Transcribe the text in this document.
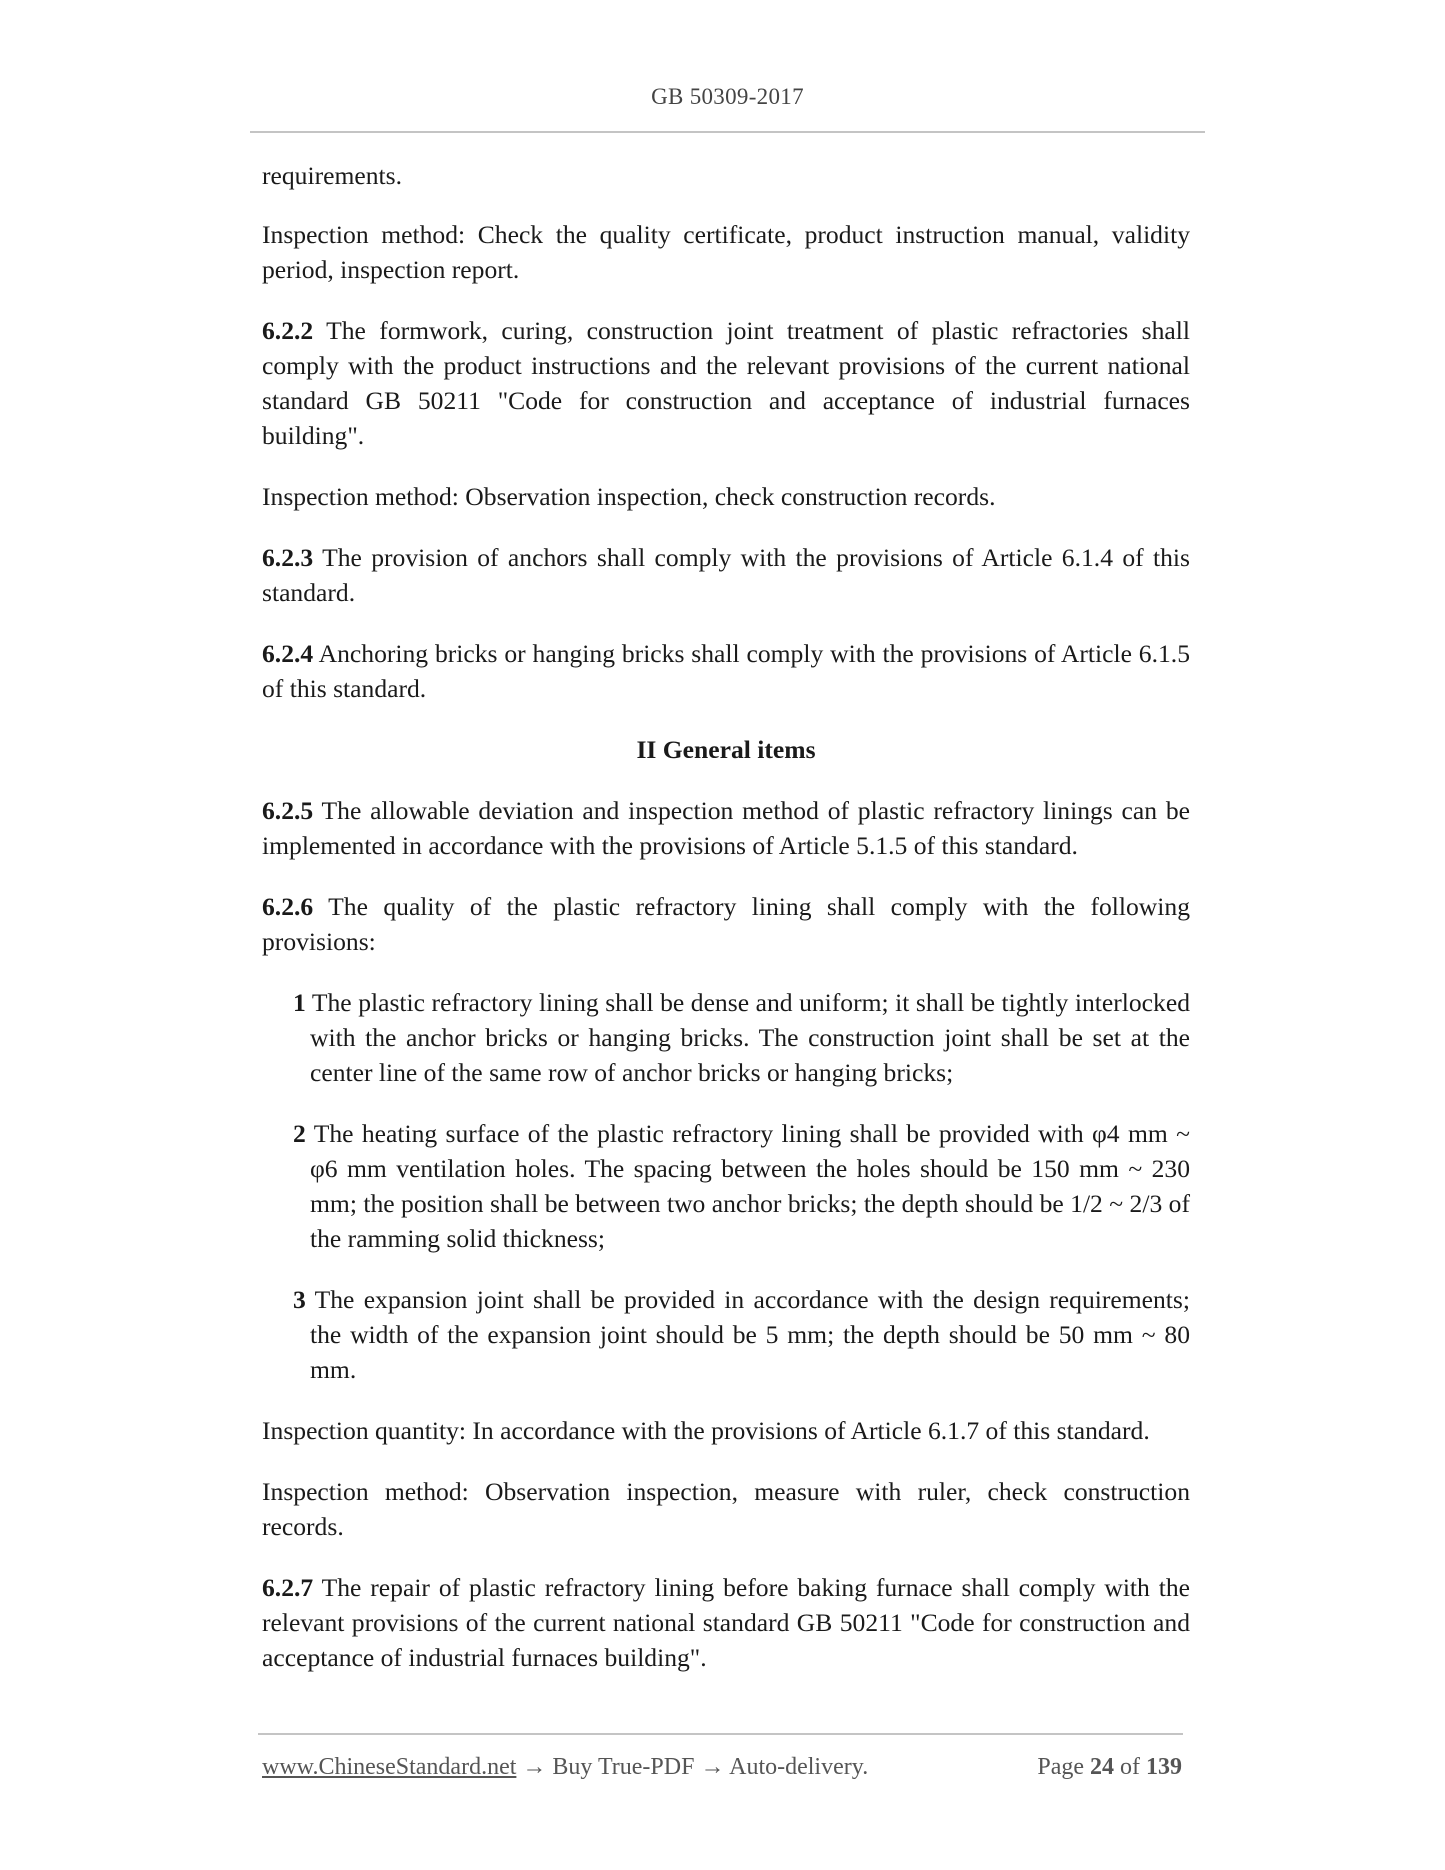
GB 50309-2017

requirements.

Inspection method: Check the quality certificate, product instruction manual, validity period, inspection report.

6.2.2 The formwork, curing, construction joint treatment of plastic refractories shall comply with the product instructions and the relevant provisions of the current national standard GB 50211 "Code for construction and acceptance of industrial furnaces building".

Inspection method: Observation inspection, check construction records.

6.2.3 The provision of anchors shall comply with the provisions of Article 6.1.4 of this standard.

6.2.4 Anchoring bricks or hanging bricks shall comply with the provisions of Article 6.1.5 of this standard.

II General items

6.2.5 The allowable deviation and inspection method of plastic refractory linings can be implemented in accordance with the provisions of Article 5.1.5 of this standard.

6.2.6 The quality of the plastic refractory lining shall comply with the following provisions:

1 The plastic refractory lining shall be dense and uniform; it shall be tightly interlocked with the anchor bricks or hanging bricks. The construction joint shall be set at the center line of the same row of anchor bricks or hanging bricks;

2 The heating surface of the plastic refractory lining shall be provided with φ4 mm ~ φ6 mm ventilation holes. The spacing between the holes should be 150 mm ~ 230 mm; the position shall be between two anchor bricks; the depth should be 1/2 ~ 2/3 of the ramming solid thickness;

3 The expansion joint shall be provided in accordance with the design requirements; the width of the expansion joint should be 5 mm; the depth should be 50 mm ~ 80 mm.

Inspection quantity: In accordance with the provisions of Article 6.1.7 of this standard.

Inspection method: Observation inspection, measure with ruler, check construction records.

6.2.7 The repair of plastic refractory lining before baking furnace shall comply with the relevant provisions of the current national standard GB 50211 "Code for construction and acceptance of industrial furnaces building".

www.ChineseStandard.net → Buy True-PDF → Auto-delivery.	Page 24 of 139
